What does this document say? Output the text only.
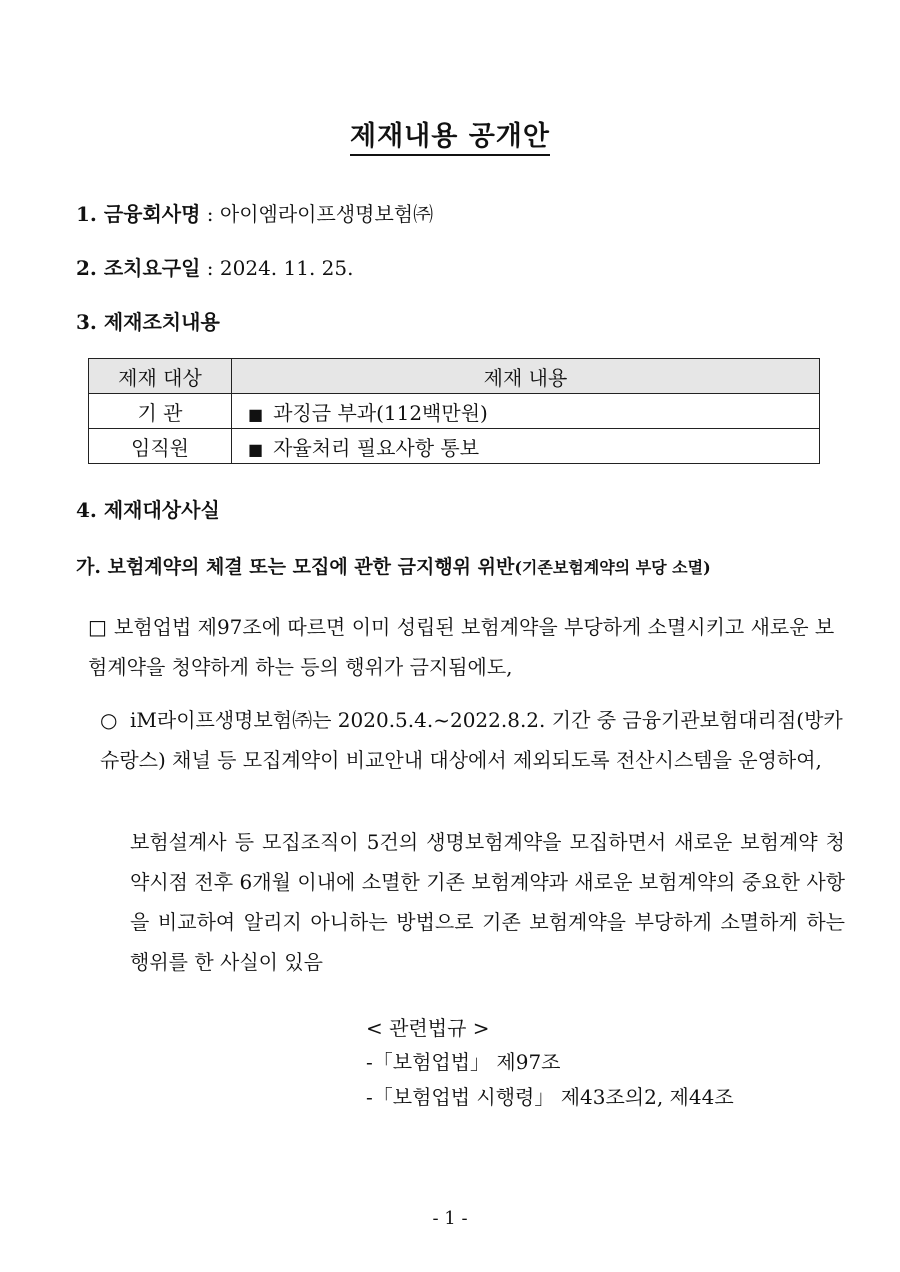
제재내용 공개안
1. 금융회사명 : 아이엠라이프생명보험㈜
2. 조치요구일 : 2024. 11. 25.
3. 제재조치내용
제재 대상	제재 내용
기 관	■ 과징금 부과(112백만원)
임직원	■ 자율처리 필요사항 통보
4. 제재대상사실
가. 보험계약의 체결 또는 모집에 관한 금지행위 위반(기존보험계약의 부당 소멸)
□ 보험업법 제97조에 따르면 이미 성립된 보험계약을 부당하게 소멸시키고 새로운 보험계약을 청약하게 하는 등의 행위가 금지됨에도,
○ iM라이프생명보험㈜는 2020.5.4.~2022.8.2. 기간 중 금융기관보험대리점(방카슈랑스) 채널 등 모집계약이 비교안내 대상에서 제외되도록 전산시스템을 운영하여,
보험설계사 등 모집조직이 5건의 생명보험계약을 모집하면서 새로운 보험계약 청약시점 전후 6개월 이내에 소멸한 기존 보험계약과 새로운 보험계약의 중요한 사항을 비교하여 알리지 아니하는 방법으로 기존 보험계약을 부당하게 소멸하게 하는 행위를 한 사실이 있음
< 관련법규 >
-「보험업법」 제97조
-「보험업법 시행령」 제43조의2, 제44조
- 1 -
